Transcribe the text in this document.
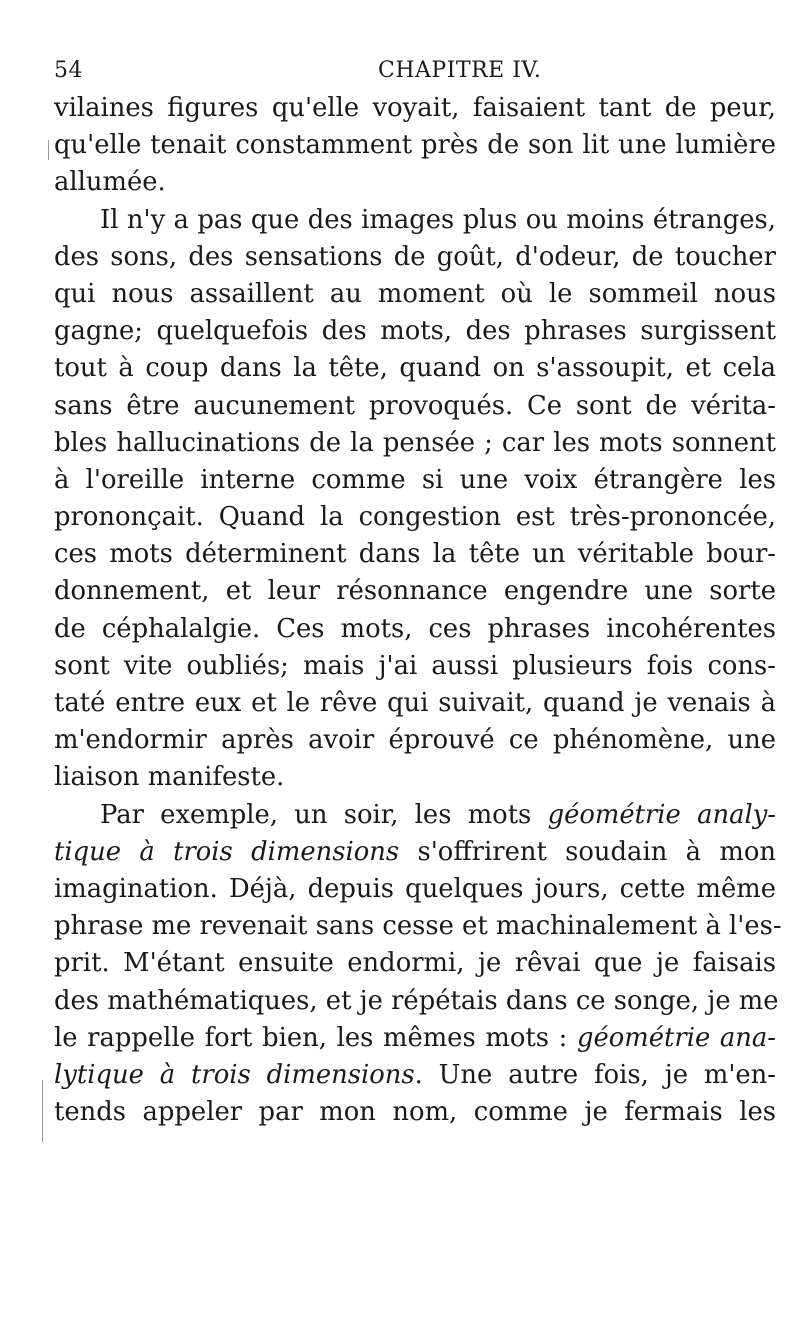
54	CHAPITRE IV.
vilaines figures qu'elle voyait, faisaient tant de peur,
qu'elle tenait constamment près de son lit une lumière
allumée.
Il n'y a pas que des images plus ou moins étranges,
des sons, des sensations de goût, d'odeur, de toucher
qui nous assaillent au moment où le sommeil nous
gagne; quelquefois des mots, des phrases surgissent
tout à coup dans la tête, quand on s'assoupit, et cela
sans être aucunement provoqués. Ce sont de vérita-
bles hallucinations de la pensée ; car les mots sonnent
à l'oreille interne comme si une voix étrangère les
prononçait. Quand la congestion est très-prononcée,
ces mots déterminent dans la tête un véritable bour-
donnement, et leur résonnance engendre une sorte
de céphalalgie. Ces mots, ces phrases incohérentes
sont vite oubliés; mais j'ai aussi plusieurs fois cons-
taté entre eux et le rêve qui suivait, quand je venais à
m'endormir après avoir éprouvé ce phénomène, une
liaison manifeste.
Par exemple, un soir, les mots géométrie analy-
tique à trois dimensions s'offrirent soudain à mon
imagination. Déjà, depuis quelques jours, cette même
phrase me revenait sans cesse et machinalement à l'es-
prit. M'étant ensuite endormi, je rêvai que je faisais
des mathématiques, et je répétais dans ce songe, je me
le rappelle fort bien, les mêmes mots : géométrie ana-
lytique à trois dimensions. Une autre fois, je m'en-
tends appeler par mon nom, comme je fermais les
